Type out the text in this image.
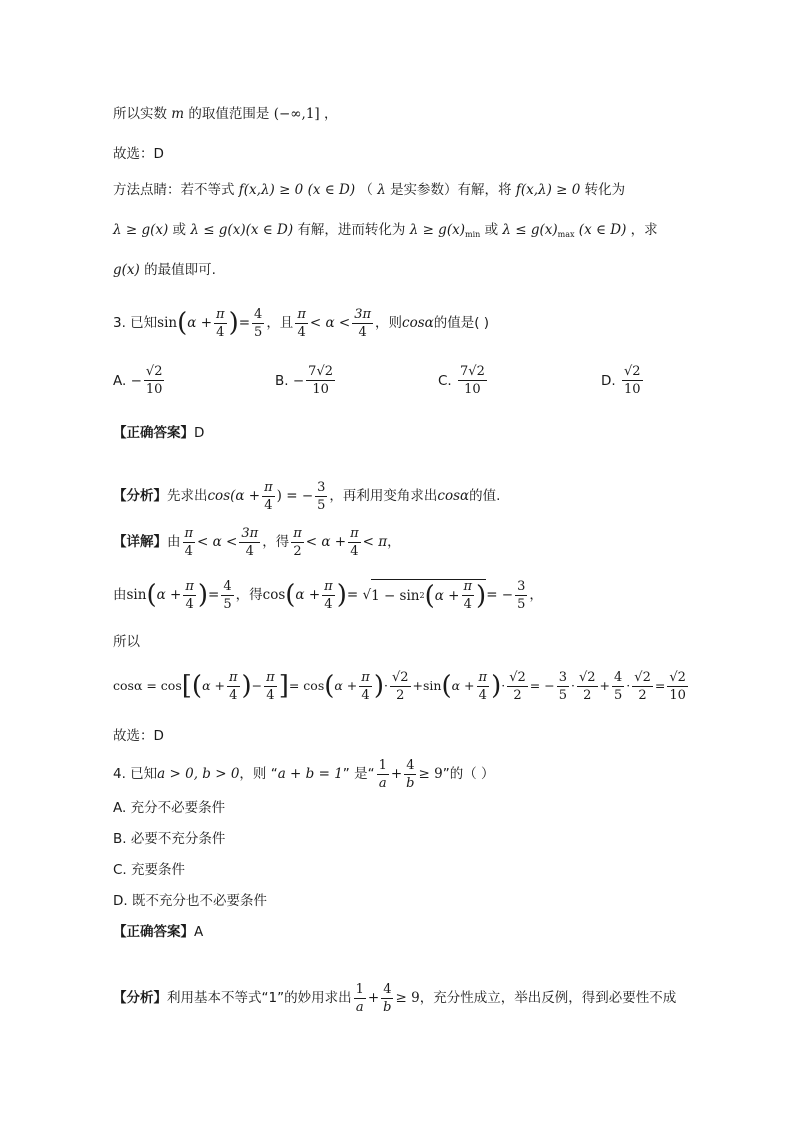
所以实数 m 的取值范围是 (−∞,1] ，
故选：D
方法点睛：若不等式 f(x,λ) ≥ 0 (x ∈ D) （ λ 是实参数）有解，将 f(x,λ) ≥ 0 转化为
λ ≥ g(x) 或 λ ≤ g(x)(x ∈ D) 有解，进而转化为 $\lambda \ge g(x)_{min}$ 或 $\lambda \le g(x)_{max}$ (x ∈ D) ，求
g(x) 的最值即可.
3. 已知 sin ( $\alpha + \frac{\pi}{4}$ ) = $\frac{4}{5}$ ，且 $\frac{\pi}{4} < \alpha < \frac{3\pi}{4}$ ，则 cosα 的值是( )
A.
− $\frac{√2}{10}$	B.
− $\frac{7√2}{10}$	C.
$\frac{7√2}{10}$	D.
$\frac{√2}{10}$
【正确答案】D
【分析】 先求出 $\cos(\alpha + \frac{\pi}{4}$ ) = − $\frac{3}{5}$ ，再利用变角求出 cosα 的值.
【详解】 由 $\frac{\pi}{4} < \alpha < \frac{3\pi}{4}$ ，得 $\frac{\pi}{2} < \alpha + \frac{\pi}{4} < \pi$ ，
由 sin ( $\alpha + \frac{\pi}{4}$ ) = $\frac{4}{5}$ ，得 cos ( $\alpha + \frac{\pi}{4}$ ) = √ 1 − sin 2 ( $\alpha + \frac{\pi}{4}$ ) = − $\frac{3}{5}$ ，
所以
cosα = cos [ ( $\alpha + \frac{\pi}{4}$ ) − $\frac{\pi}{4}$ ] = cos ( $\alpha + \frac{\pi}{4}$ ) · $\frac{√2}{2} + \sin$ ( $\alpha + \frac{\pi}{4}$ ) · $\frac{√2}{2}$ = − $\frac{3}{5} \cdot \frac{√2}{2} + \frac{4}{5} \cdot \frac{√2}{2} = \frac{√2}{10}$
故选：D
4. 已知 a > 0, b > 0 ，则 “ a + b = 1 ” 是“ $\frac{1}{a} + \frac{4}{b} \ge 9$ ”的（ ）
A. 充分不必要条件
B. 必要不充分条件
C. 充要条件
D. 既不充分也不必要条件
【正确答案】A
【分析】 利用基本不等式“1”的妙用求出 $\frac{1}{a} + \frac{4}{b} \ge 9$ ，充分性成立，举出反例，得到必要性不成
